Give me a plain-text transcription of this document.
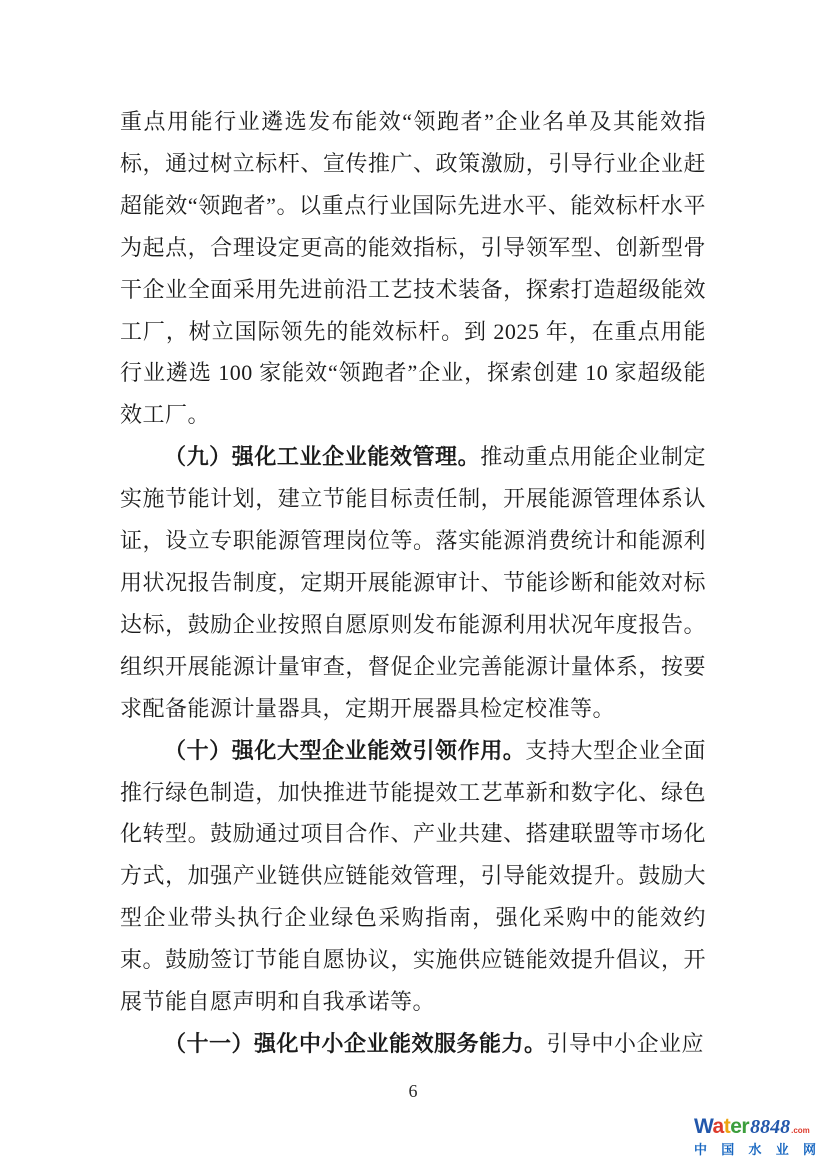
重点用能行业遴选发布能效“领跑者”企业名单及其能效指标，通过树立标杆、宣传推广、政策激励，引导行业企业赶超能效“领跑者”。以重点行业国际先进水平、能效标杆水平为起点，合理设定更高的能效指标，引导领军型、创新型骨干企业全面采用先进前沿工艺技术装备，探索打造超级能效工厂，树立国际领先的能效标杆。到 2025 年，在重点用能行业遴选 100 家能效“领跑者”企业，探索创建 10 家超级能效工厂。

（九）强化工业企业能效管理。推动重点用能企业制定实施节能计划，建立节能目标责任制，开展能源管理体系认证，设立专职能源管理岗位等。落实能源消费统计和能源利用状况报告制度，定期开展能源审计、节能诊断和能效对标达标，鼓励企业按照自愿原则发布能源利用状况年度报告。组织开展能源计量审查，督促企业完善能源计量体系，按要求配备能源计量器具，定期开展器具检定校准等。

（十）强化大型企业能效引领作用。支持大型企业全面推行绿色制造，加快推进节能提效工艺革新和数字化、绿色化转型。鼓励通过项目合作、产业共建、搭建联盟等市场化方式，加强产业链供应链能效管理，引导能效提升。鼓励大型企业带头执行企业绿色采购指南，强化采购中的能效约束。鼓励签订节能自愿协议，实施供应链能效提升倡议，开展节能自愿声明和自我承诺等。

（十一）强化中小企业能效服务能力。引导中小企业应

6
Water 8848 .com
中 国 水 业 网
